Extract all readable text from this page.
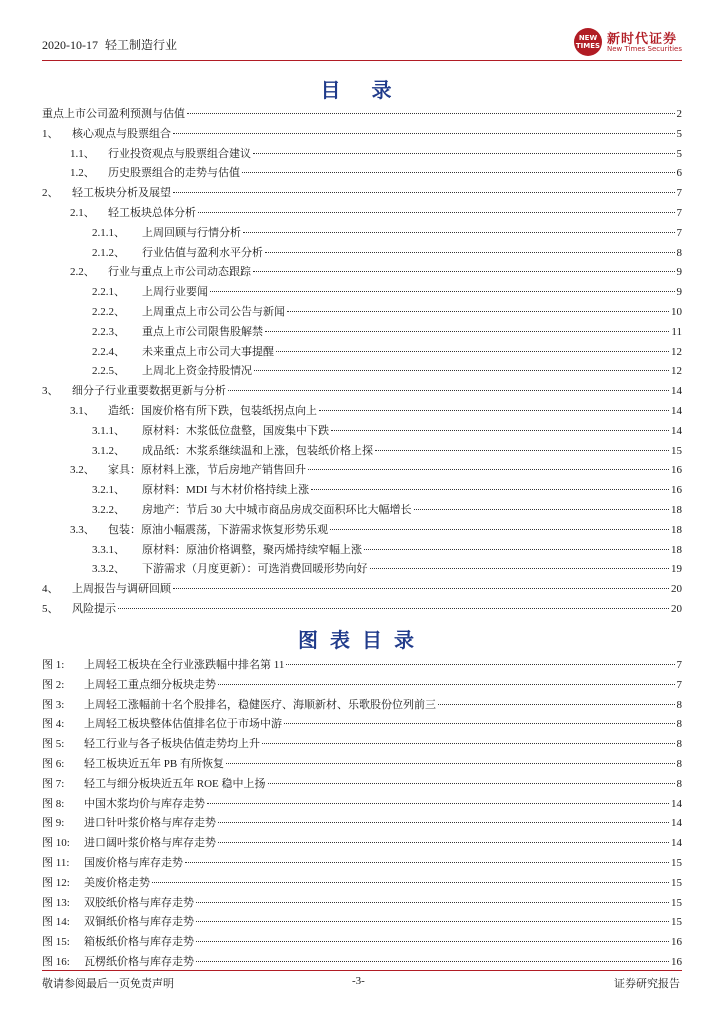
2020-10-17 轻工制造行业	NEW TIMES 新时代证券
New Times Securities
目 录
重点上市公司盈利预测与估值	2
1、	核心观点与股票组合	5
1.1、	行业投资观点与股票组合建议	5
1.2、	历史股票组合的走势与估值	6
2、	轻工板块分析及展望	7
2.1、	轻工板块总体分析	7
2.1.1、	上周回顾与行情分析	7
2.1.2、	行业估值与盈利水平分析	8
2.2、	行业与重点上市公司动态跟踪	9
2.2.1、	上周行业要闻	9
2.2.2、	上周重点上市公司公告与新闻	10
2.2.3、	重点上市公司限售股解禁	11
2.2.4、	未来重点上市公司大事提醒	12
2.2.5、	上周北上资金持股情况	12
3、	细分子行业重要数据更新与分析	14
3.1、	造纸：国废价格有所下跌，包装纸拐点向上	14
3.1.1、	原材料：木浆低位盘整，国废集中下跌	14
3.1.2、	成品纸：木浆系继续温和上涨，包装纸价格上探	15
3.2、	家具：原材料上涨，节后房地产销售回升	16
3.2.1、	原材料：MDI 与木材价格持续上涨	16
3.2.2、	房地产：节后 30 大中城市商品房成交面积环比大幅增长	18
3.3、	包装：原油小幅震荡，下游需求恢复形势乐观	18
3.3.1、	原材料：原油价格调整，聚丙烯持续窄幅上涨	18
3.3.2、	下游需求（月度更新）：可选消费回暖形势向好	19
4、	上周报告与调研回顾	20
5、	风险提示	20
图表目录
图 1:	上周轻工板块在全行业涨跌幅中排名第 11	7
图 2:	上周轻工重点细分板块走势	7
图 3:	上周轻工涨幅前十名个股排名，稳健医疗、海顺新材、乐歌股份位列前三	8
图 4:	上周轻工板块整体估值排名位于市场中游	8
图 5:	轻工行业与各子板块估值走势均上升	8
图 6:	轻工板块近五年 PB 有所恢复	8
图 7:	轻工与细分板块近五年 ROE 稳中上扬	8
图 8:	中国木浆均价与库存走势	14
图 9:	进口针叶浆价格与库存走势	14
图 10:	进口阔叶浆价格与库存走势	14
图 11:	国废价格与库存走势	15
图 12:	美废价格走势	15
图 13:	双胶纸价格与库存走势	15
图 14:	双铜纸价格与库存走势	15
图 15:	箱板纸价格与库存走势	16
图 16:	瓦楞纸价格与库存走势	16
敬请参阅最后一页免责声明	-3-	证券研究报告
